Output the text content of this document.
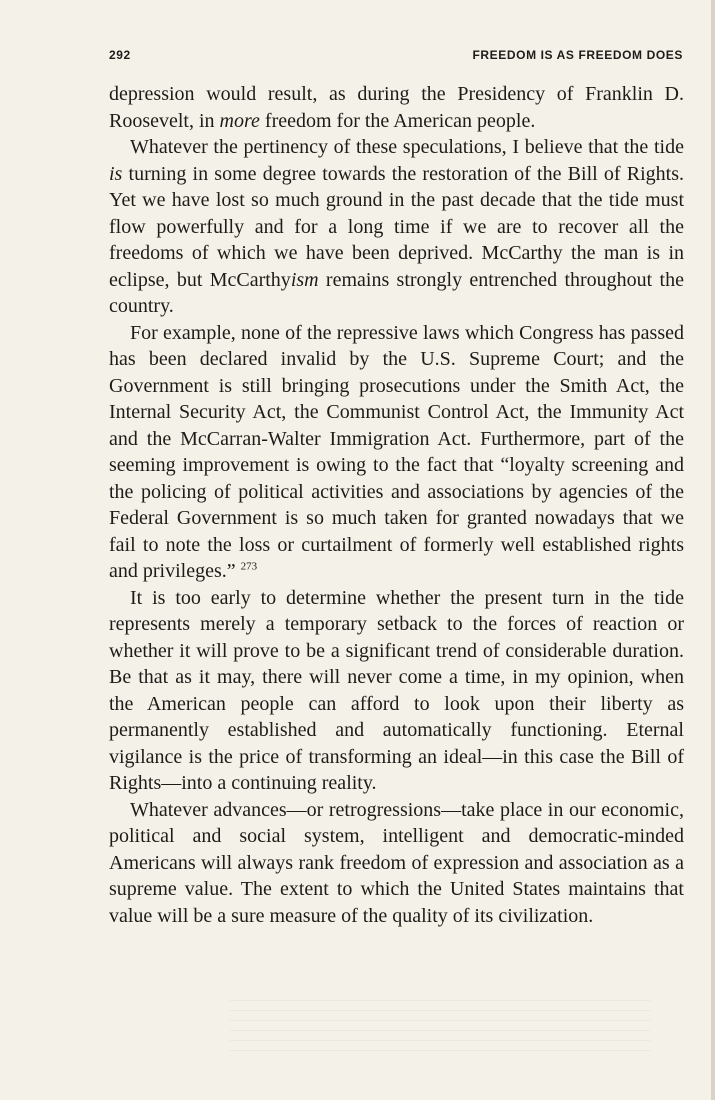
292	FREEDOM IS AS FREEDOM DOES

depression would result, as during the Presidency of Franklin D. Roosevelt, in more freedom for the American people.

Whatever the pertinency of these speculations, I believe that the tide is turning in some degree towards the restoration of the Bill of Rights. Yet we have lost so much ground in the past decade that the tide must flow powerfully and for a long time if we are to recover all the freedoms of which we have been deprived. McCarthy the man is in eclipse, but McCarthyism remains strongly entrenched throughout the country.

For example, none of the repressive laws which Congress has passed has been declared invalid by the U.S. Supreme Court; and the Government is still bringing prosecutions under the Smith Act, the Internal Security Act, the Communist Control Act, the Immunity Act and the McCarran-Walter Immigration Act. Furthermore, part of the seeming improvement is owing to the fact that “loyalty screening and the policing of political activities and associations by agencies of the Federal Government is so much taken for granted nowadays that we fail to note the loss or curtailment of formerly well established rights and privileges.” $^{273}$

It is too early to determine whether the present turn in the tide represents merely a temporary setback to the forces of reaction or whether it will prove to be a significant trend of considerable duration. Be that as it may, there will never come a time, in my opinion, when the American people can afford to look upon their liberty as permanently established and automatically functioning. Eternal vigilance is the price of transforming an ideal—in this case the Bill of Rights—into a continuing reality.

Whatever advances—or retrogressions—take place in our economic, political and social system, intelligent and democratic-minded Americans will always rank freedom of expression and association as a supreme value. The extent to which the United States maintains that value will be a sure measure of the quality of its civilization.
